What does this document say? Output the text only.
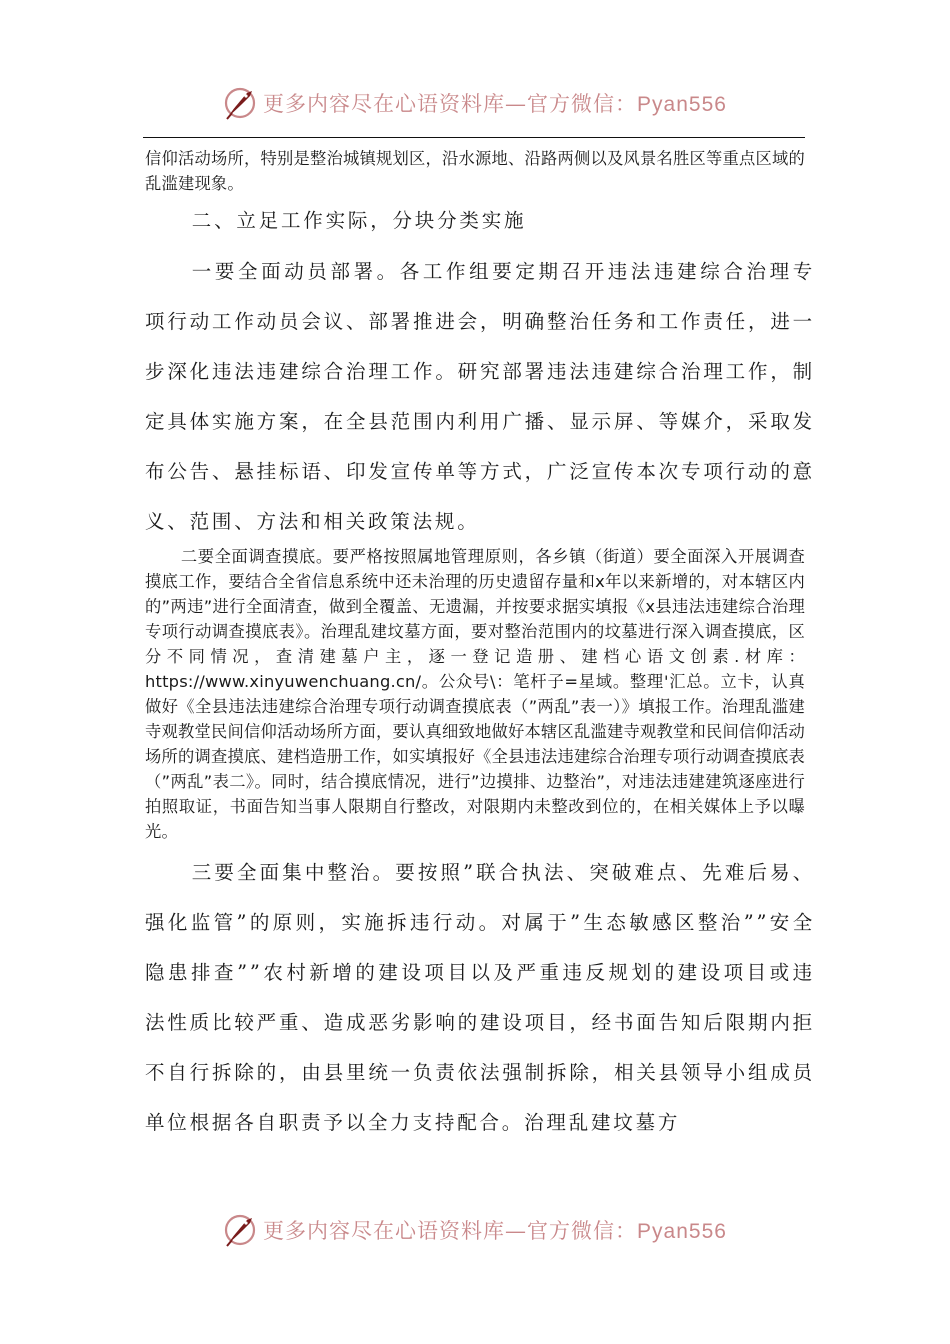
更多内容尽在心语资料库—官方微信：Pyan556

信仰活动场所，特别是整治城镇规划区，沿水源地、沿路两侧以及风景名胜区等重点区域的乱滥建现象。

二、立足工作实际，分块分类实施

一要全面动员部署。各工作组要定期召开违法违建综合治理专项行动工作动员会议、部署推进会，明确整治任务和工作责任，进一步深化违法违建综合治理工作。研究部署违法违建综合治理工作，制定具体实施方案，在全县范围内利用广播、显示屏、等媒介，采取发布公告、悬挂标语、印发宣传单等方式，广泛宣传本次专项行动的意义、范围、方法和相关政策法规。

二要全面调查摸底。要严格按照属地管理原则，各乡镇（街道）要全面深入开展调查摸底工作，要结合全省信息系统中还未治理的历史遗留存量和x年以来新增的，对本辖区内的”两违”进行全面清查，做到全覆盖、无遗漏，并按要求据实填报《x县违法违建综合治理专项行动调查摸底表》。治理乱建坟墓方面，要对整治范围内的坟墓进行深入调查摸底，区分不同情况，查清建墓户主，逐一登记造册、建档心语文创素.材库：https://www.xinyuwenchuang.cn/。公众号\：笔杆子=星域。整理'汇总。立卡，认真做好《全县违法违建综合治理专项行动调查摸底表（”两乱”表一）》填报工作。治理乱滥建寺观教堂民间信仰活动场所方面，要认真细致地做好本辖区乱滥建寺观教堂和民间信仰活动场所的调查摸底、建档造册工作，如实填报好《全县违法违建综合治理专项行动调查摸底表（”两乱”表二》。同时，结合摸底情况，进行”边摸排、边整治”，对违法违建建筑逐座进行拍照取证，书面告知当事人限期自行整改，对限期内未整改到位的，在相关媒体上予以曝光。

三要全面集中整治。要按照”联合执法、突破难点、先难后易、强化监管”的原则，实施拆违行动。对属于”生态敏感区整治””安全隐患排查””农村新增的建设项目以及严重违反规划的建设项目或违法性质比较严重、造成恶劣影响的建设项目，经书面告知后限期内拒不自行拆除的，由县里统一负责依法强制拆除，相关县领导小组成员单位根据各自职责予以全力支持配合。治理乱建坟墓方

更多内容尽在心语资料库—官方微信：Pyan556
